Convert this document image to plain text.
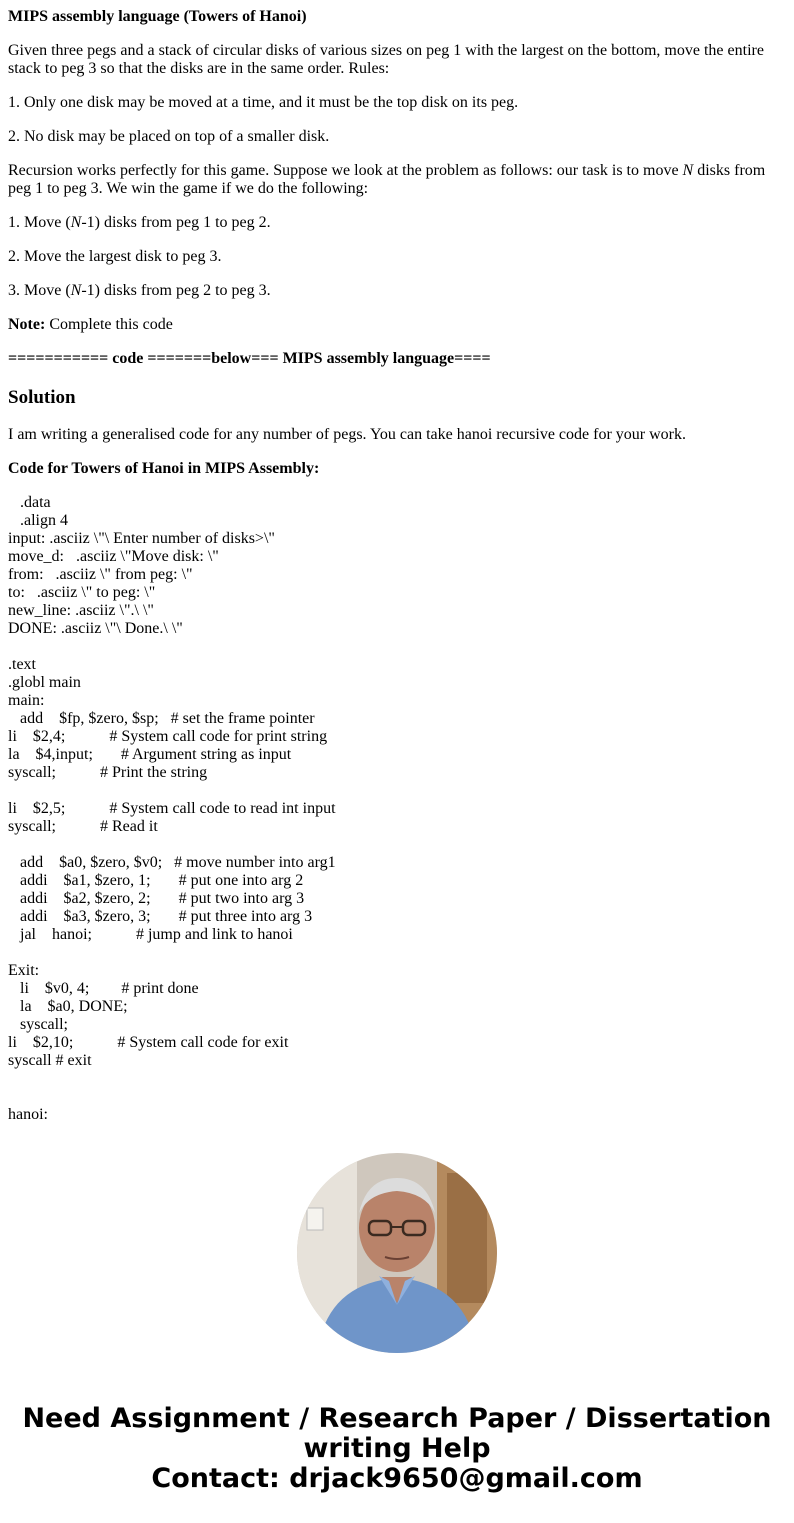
MIPS assembly language (Towers of Hanoi)

Given three pegs and a stack of circular disks of various sizes on peg 1 with the largest on the bottom, move the entire stack to peg 3 so that the disks are in the same order. Rules:

1. Only one disk may be moved at a time, and it must be the top disk on its peg.

2. No disk may be placed on top of a smaller disk.

Recursion works perfectly for this game. Suppose we look at the problem as follows: our task is to move N disks from peg 1 to peg 3. We win the game if we do the following:

1. Move (N-1) disks from peg 1 to peg 2.

2. Move the largest disk to peg 3.

3. Move (N-1) disks from peg 2 to peg 3.

Note: Complete this code

=========== code =======below=== MIPS assembly language====

Solution

I am writing a generalised code for any number of pegs. You can take hanoi recursive code for your work.

Code for Towers of Hanoi in MIPS Assembly:

.data
.align 4
input: .asciiz \"\ Enter number of disks>\"
move_d:   .asciiz \"Move disk: \"
from:   .asciiz \" from peg: \"
to:   .asciiz \" to peg: \"
new_line: .asciiz \".\ \"
DONE: .asciiz \"\ Done.\ \"
.text
.globl main
main:
add    $fp, $zero, $sp;   # set the frame pointer
li    $2,4;           # System call code for print string
la    $4,input;       # Argument string as input
syscall;           # Print the string
li    $2,5;           # System call code to read int input
syscall;           # Read it
add    $a0, $zero, $v0;   # move number into arg1
addi    $a1, $zero, 1;       # put one into arg 2
addi    $a2, $zero, 2;       # put two into arg 3
addi    $a3, $zero, 3;       # put three into arg 3
jal    hanoi;           # jump and link to hanoi
Exit:
li    $v0, 4;        # print done
la    $a0, DONE;
syscall;
li    $2,10;           # System call code for exit
syscall # exit
hanoi:
Need Assignment / Research Paper / Dissertation
writing Help
Contact: drjack9650@gmail.com
